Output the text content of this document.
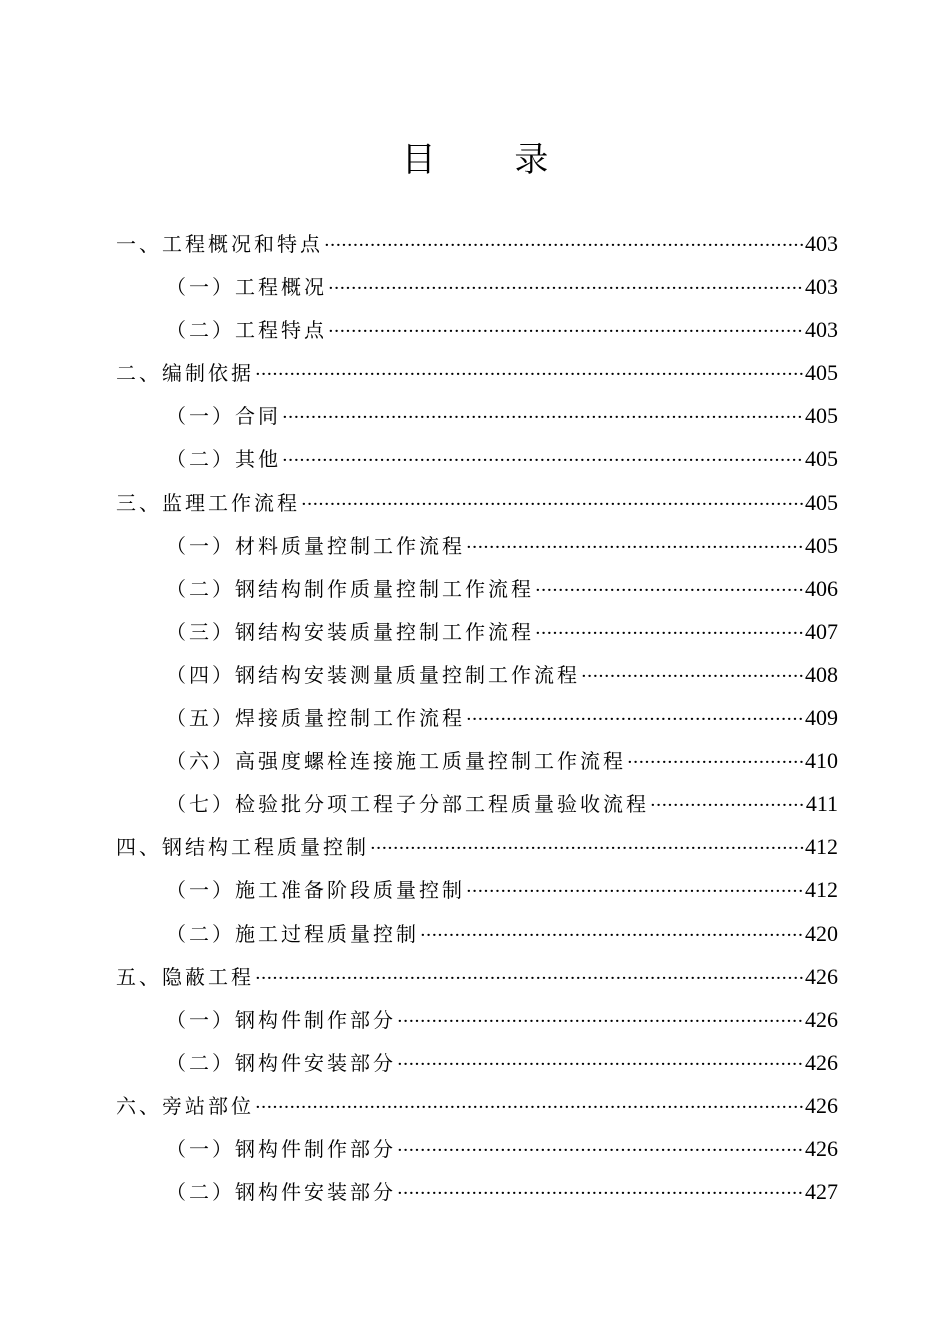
目 录
一、工程概况和特点 ·····	403
（一）工程概况 ·····	403
（二）工程特点 ·····	403
二、编制依据 ·····	405
（一）合同 ·····	405
（二）其他 ·····	405
三、监理工作流程 ·····	405
（一）材料质量控制工作流程 ·····	405
（二）钢结构制作质量控制工作流程 ·····	406
（三）钢结构安装质量控制工作流程 ·····	407
（四）钢结构安装测量质量控制工作流程 ·····	408
（五）焊接质量控制工作流程 ·····	409
（六）高强度螺栓连接施工质量控制工作流程 ·····	410
（七）检验批分项工程子分部工程质量验收流程 ·····	411
四、钢结构工程质量控制 ·····	412
（一）施工准备阶段质量控制 ·····	412
（二）施工过程质量控制 ·····	420
五、隐蔽工程 ·····	426
（一）钢构件制作部分 ·····	426
（二）钢构件安装部分 ·····	426
六、旁站部位 ·····	426
（一）钢构件制作部分 ·····	426
（二）钢构件安装部分 ·····	427
